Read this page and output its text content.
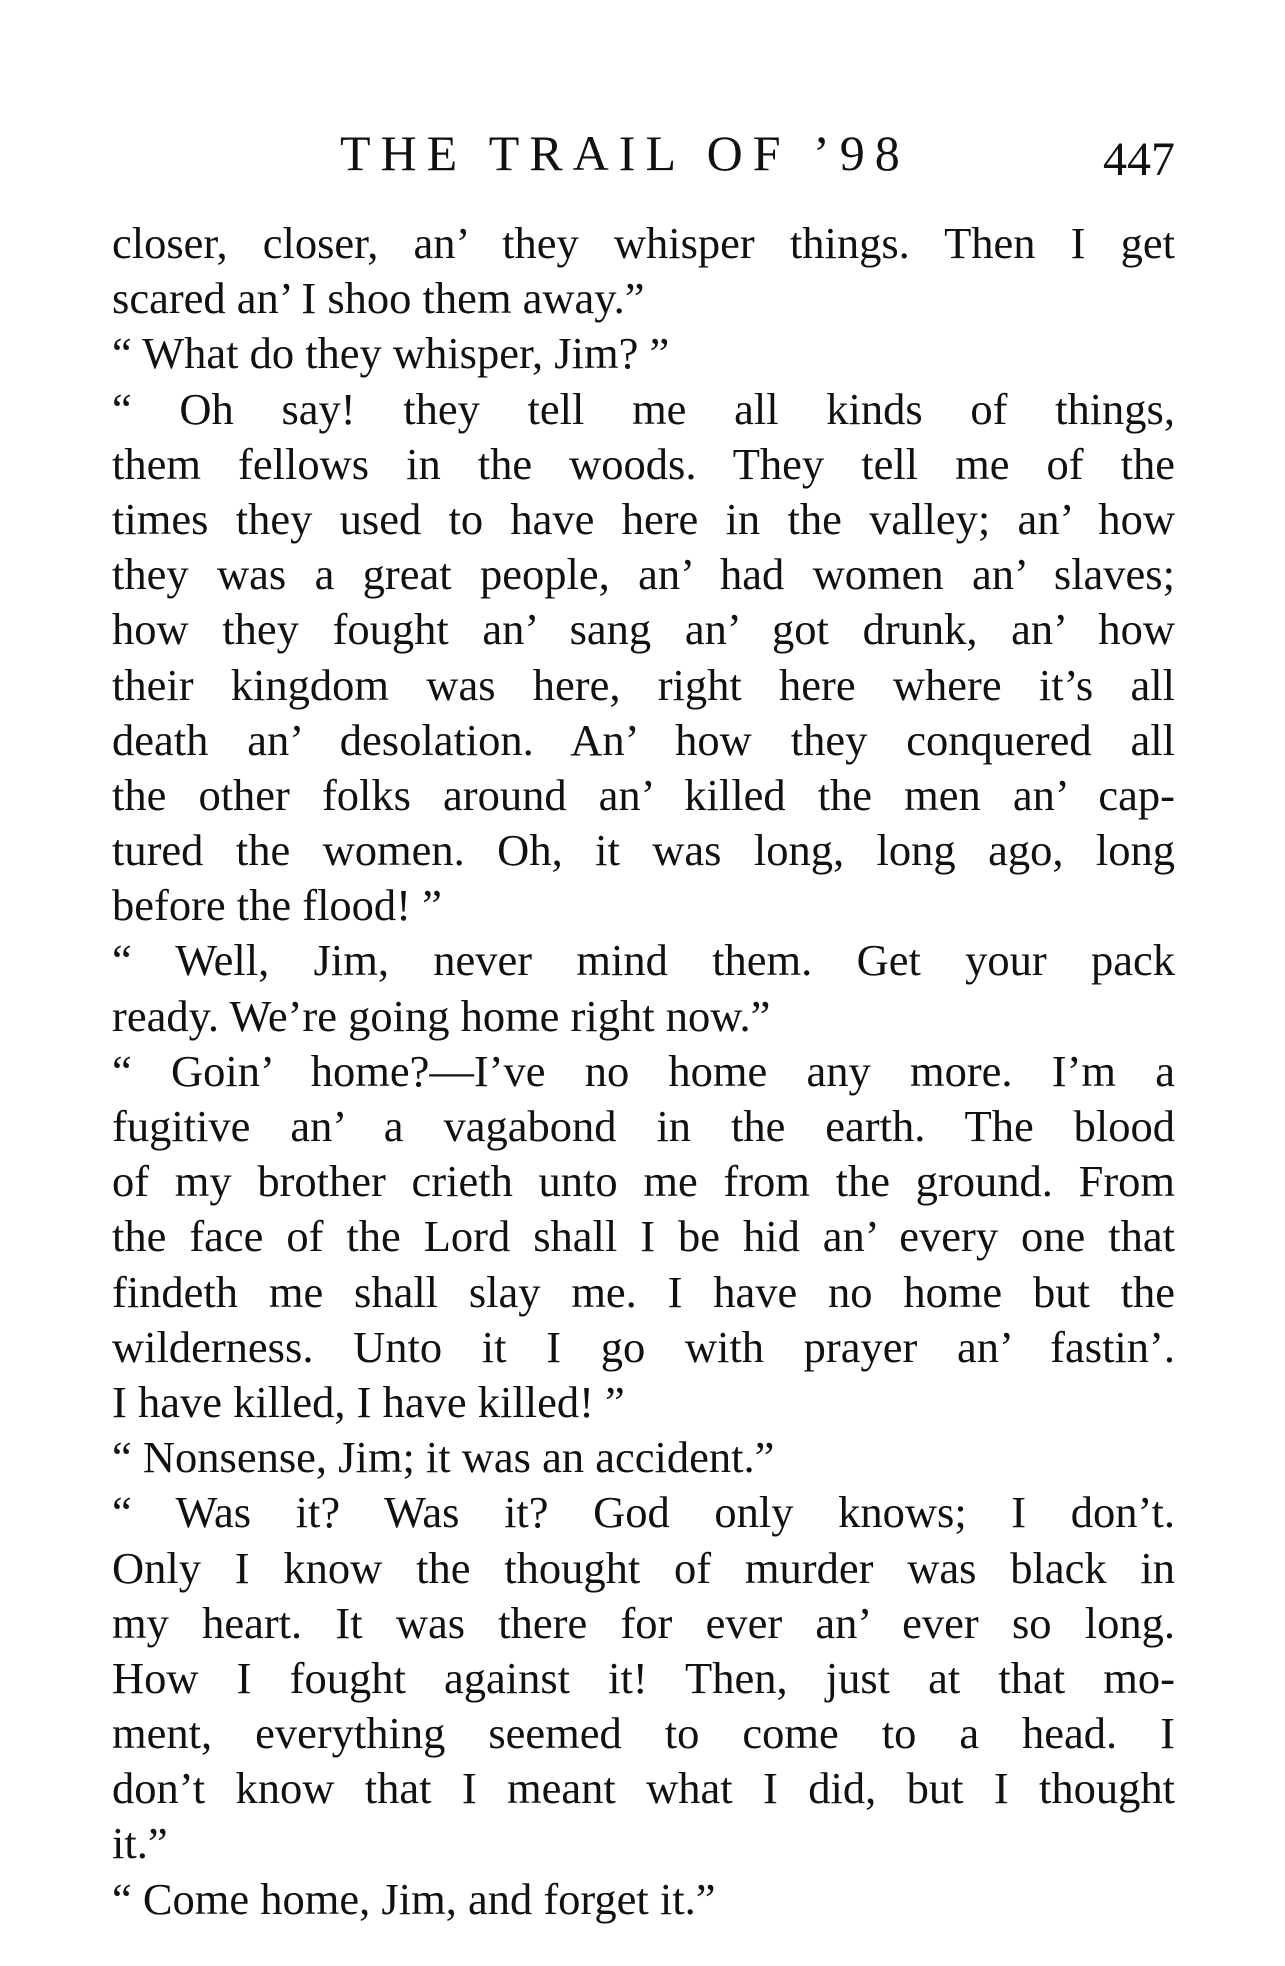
THE TRAIL OF ’98	447
closer, closer, an’ they whisper things. Then I get
scared an’ I shoo them away.”
“ What do they whisper, Jim? ”
“ Oh say! they tell me all kinds of things,
them fellows in the woods. They tell me of the
times they used to have here in the valley; an’ how
they was a great people, an’ had women an’ slaves;
how they fought an’ sang an’ got drunk, an’ how
their kingdom was here, right here where it’s all
death an’ desolation. An’ how they conquered all
the other folks around an’ killed the men an’ cap-
tured the women. Oh, it was long, long ago, long
before the flood! ”
“ Well, Jim, never mind them. Get your pack
ready. We’re going home right now.”
“ Goin’ home?—I’ve no home any more. I’m a
fugitive an’ a vagabond in the earth. The blood
of my brother crieth unto me from the ground. From
the face of the Lord shall I be hid an’ every one that
findeth me shall slay me. I have no home but the
wilderness. Unto it I go with prayer an’ fastin’.
I have killed, I have killed! ”
“ Nonsense, Jim; it was an accident.”
“ Was it? Was it? God only knows; I don’t.
Only I know the thought of murder was black in
my heart. It was there for ever an’ ever so long.
How I fought against it! Then, just at that mo-
ment, everything seemed to come to a head. I
don’t know that I meant what I did, but I thought
it.”
“ Come home, Jim, and forget it.”
